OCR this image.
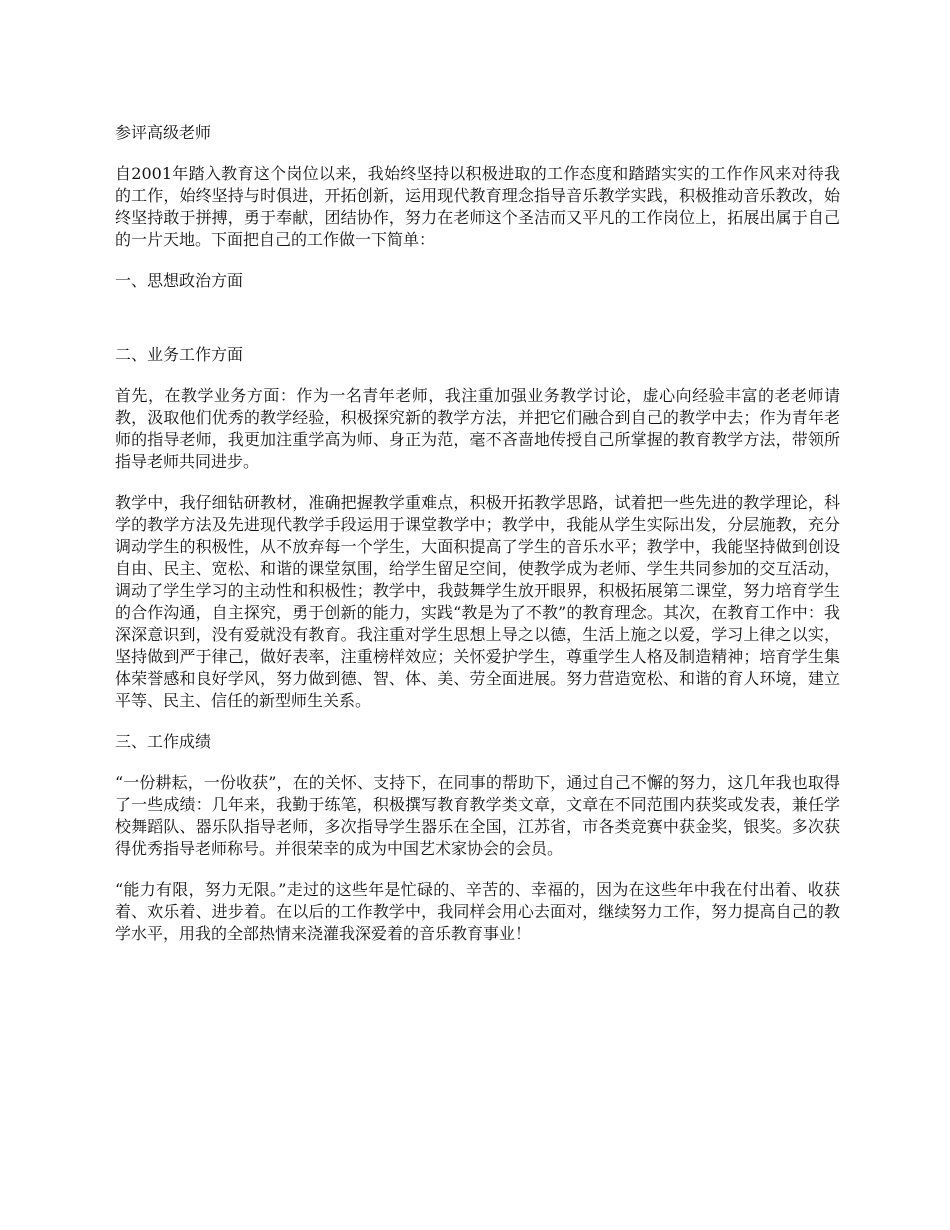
参评高级老师

自2001年踏入教育这个岗位以来，我始终坚持以积极进取的工作态度和踏踏实实的工作作风来对待我的工作，始终坚持与时俱进，开拓创新，运用现代教育理念指导音乐教学实践，积极推动音乐教改，始终坚持敢于拼搏，勇于奉献，团结协作，努力在老师这个圣洁而又平凡的工作岗位上，拓展出属于自己的一片天地。下面把自己的工作做一下简单：

一、思想政治方面

二、业务工作方面

首先，在教学业务方面：作为一名青年老师，我注重加强业务教学讨论，虚心向经验丰富的老老师请教，汲取他们优秀的教学经验，积极探究新的教学方法，并把它们融合到自己的教学中去；作为青年老师的指导老师，我更加注重学高为师、身正为范，毫不吝啬地传授自己所掌握的教育教学方法，带领所指导老师共同进步。

教学中，我仔细钻研教材，准确把握教学重难点，积极开拓教学思路，试着把一些先进的教学理论，科学的教学方法及先进现代教学手段运用于课堂教学中；教学中，我能从学生实际出发，分层施教，充分调动学生的积极性，从不放弃每一个学生，大面积提高了学生的音乐水平；教学中，我能坚持做到创设自由、民主、宽松、和谐的课堂氛围，给学生留足空间，使教学成为老师、学生共同参加的交互活动，调动了学生学习的主动性和积极性；教学中，我鼓舞学生放开眼界，积极拓展第二课堂，努力培育学生的合作沟通，自主探究，勇于创新的能力，实践“教是为了不教”的教育理念。其次，在教育工作中：我深深意识到，没有爱就没有教育。我注重对学生思想上导之以德，生活上施之以爱，学习上律之以实，坚持做到严于律己，做好表率，注重榜样效应；关怀爱护学生，尊重学生人格及制造精神；培育学生集体荣誉感和良好学风，努力做到德、智、体、美、劳全面进展。努力营造宽松、和谐的育人环境，建立平等、民主、信任的新型师生关系。

三、工作成绩

“一份耕耘，一份收获”，在的关怀、支持下，在同事的帮助下，通过自己不懈的努力，这几年我也取得了一些成绩：几年来，我勤于练笔，积极撰写教育教学类文章，文章在不同范围内获奖或发表，兼任学校舞蹈队、器乐队指导老师，多次指导学生器乐在全国，江苏省，市各类竞赛中获金奖，银奖。多次获得优秀指导老师称号。并很荣幸的成为中国艺术家协会的会员。

“能力有限，努力无限。”走过的这些年是忙碌的、辛苦的、幸福的，因为在这些年中我在付出着、收获着、欢乐着、进步着。在以后的工作教学中，我同样会用心去面对，继续努力工作，努力提高自己的教学水平，用我的全部热情来浇灌我深爱着的音乐教育事业！
